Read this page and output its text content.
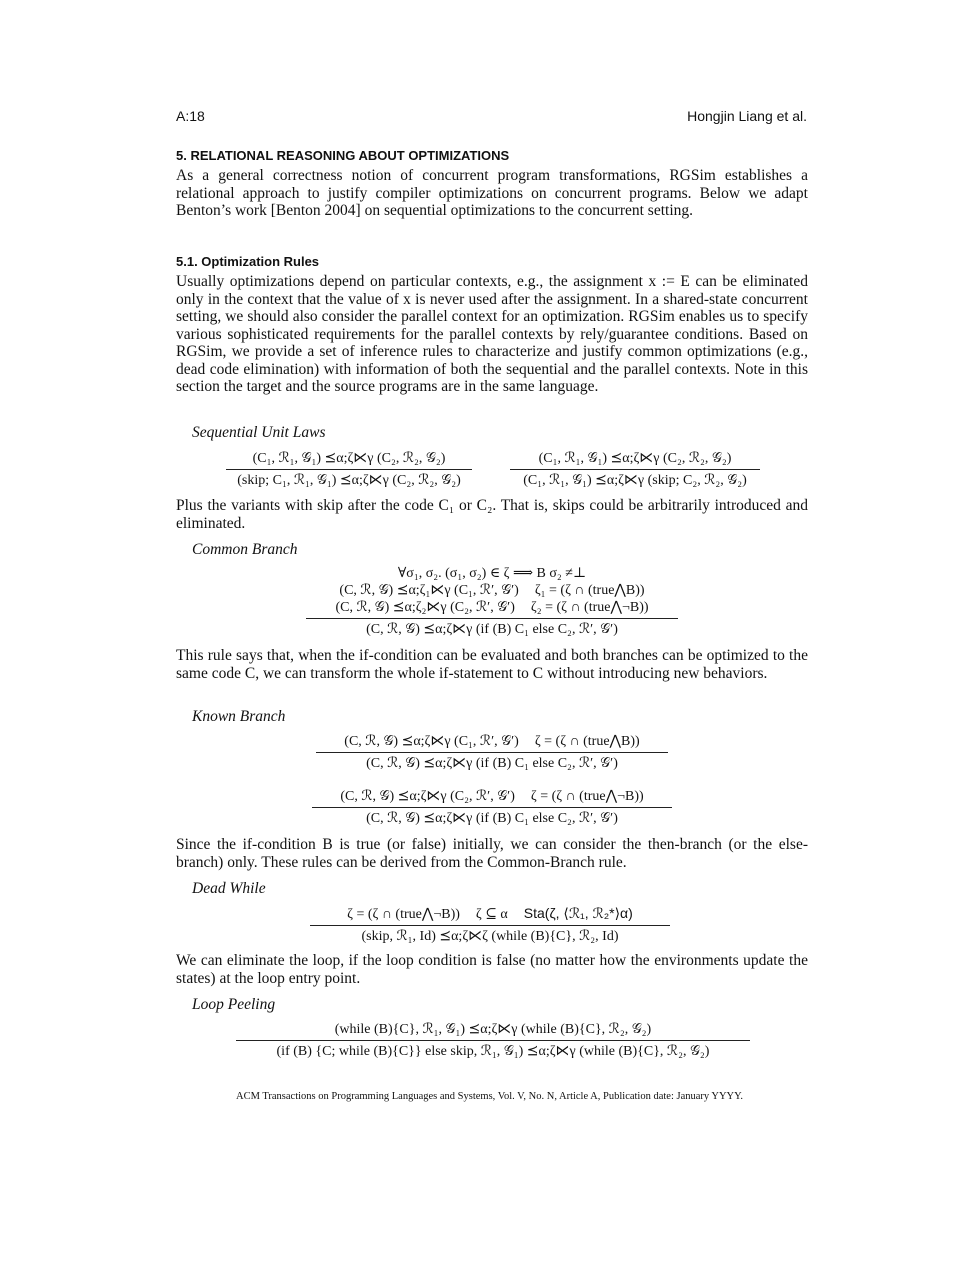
A:18	Hongjin Liang et al.
5. RELATIONAL REASONING ABOUT OPTIMIZATIONS
As a general correctness notion of concurrent program transformations, RGSim establishes a relational approach to justify compiler optimizations on concurrent programs. Below we adapt Benton’s work [Benton 2004] on sequential optimizations to the concurrent setting.
5.1. Optimization Rules
Usually optimizations depend on particular contexts, e.g., the assignment x := E can be eliminated only in the context that the value of x is never used after the assignment. In a shared-state concurrent setting, we should also consider the parallel context for an optimization. RGSim enables us to specify various sophisticated requirements for the parallel contexts by rely/guarantee conditions. Based on RGSim, we provide a set of inference rules to characterize and justify common optimizations (e.g., dead code elimination) with information of both the sequential and the parallel contexts. Note in this section the target and the source programs are in the same language.
Sequential Unit Laws
(C₁, ℛ₁, 𝒢₁) ⪯α;ζ⋉γ (C₂, ℛ₂, 𝒢₂)
(skip; C₁, ℛ₁, 𝒢₁) ⪯α;ζ⋉γ (C₂, ℛ₂, 𝒢₂)
(C₁, ℛ₁, 𝒢₁) ⪯α;ζ⋉γ (C₂, ℛ₂, 𝒢₂)
(C₁, ℛ₁, 𝒢₁) ⪯α;ζ⋉γ (skip; C₂, ℛ₂, 𝒢₂)
Plus the variants with skip after the code C₁ or C₂. That is, skips could be arbitrarily introduced and eliminated.
Common Branch
∀σ₁, σ₂. (σ₁, σ₂) ∈ ζ ⟹ B σ₂ ≠⊥
(C, ℛ, 𝒢) ⪯α;ζ₁⋉γ (C₁, ℛ′, 𝒢′) ζ₁ = (ζ ∩ (true⋀B))
(C, ℛ, 𝒢) ⪯α;ζ₂⋉γ (C₂, ℛ′, 𝒢′) ζ₂ = (ζ ∩ (true⋀¬B))
(C, ℛ, 𝒢) ⪯α;ζ⋉γ (if (B) C₁ else C₂, ℛ′, 𝒢′)
This rule says that, when the if-condition can be evaluated and both branches can be optimized to the same code C, we can transform the whole if-statement to C without introducing new behaviors.
Known Branch
(C, ℛ, 𝒢) ⪯α;ζ⋉γ (C₁, ℛ′, 𝒢′) ζ = (ζ ∩ (true⋀B))
(C, ℛ, 𝒢) ⪯α;ζ⋉γ (if (B) C₁ else C₂, ℛ′, 𝒢′)
(C, ℛ, 𝒢) ⪯α;ζ⋉γ (C₂, ℛ′, 𝒢′) ζ = (ζ ∩ (true⋀¬B))
(C, ℛ, 𝒢) ⪯α;ζ⋉γ (if (B) C₁ else C₂, ℛ′, 𝒢′)
Since the if-condition B is true (or false) initially, we can consider the then-branch (or the else-branch) only. These rules can be derived from the Common-Branch rule.
Dead While
ζ = (ζ ∩ (true⋀¬B)) ζ ⊆ α Sta(ζ, ⟨ℛ₁, ℛ₂*⟩α)
(skip, ℛ₁, Id) ⪯α;ζ⋉ζ (while (B){C}, ℛ₂, Id)
We can eliminate the loop, if the loop condition is false (no matter how the environments update the states) at the loop entry point.
Loop Peeling
(while (B){C}, ℛ₁, 𝒢₁) ⪯α;ζ⋉γ (while (B){C}, ℛ₂, 𝒢₂)
(if (B) {C; while (B){C}} else skip, ℛ₁, 𝒢₁) ⪯α;ζ⋉γ (while (B){C}, ℛ₂, 𝒢₂)
ACM Transactions on Programming Languages and Systems, Vol. V, No. N, Article A, Publication date: January YYYY.
